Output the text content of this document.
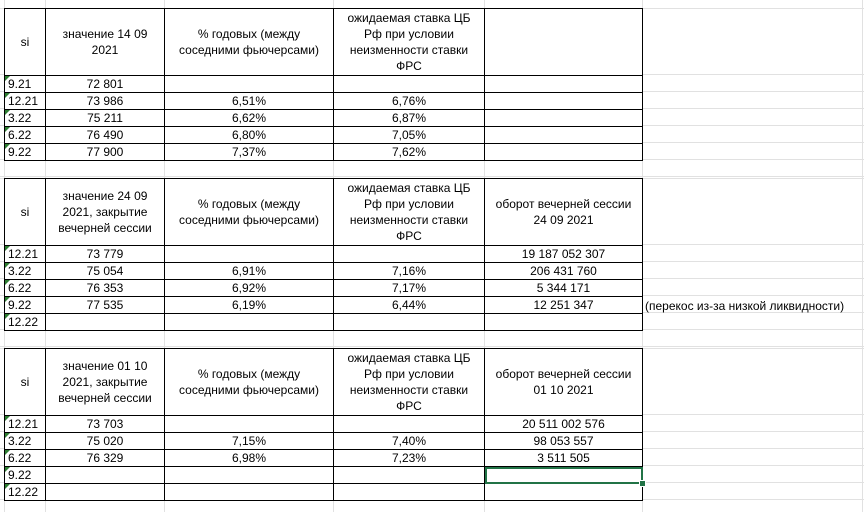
si	значение 14 09 2021	% годовых (между соседними фьючерсами)	ожидаемая ставка ЦБ Рф при условии неизменности ставки ФРС	
9.21	72 801			
12.21	73 986	6,51%	6,76%	
3.22	75 211	6,62%	6,87%	
6.22	76 490	6,80%	7,05%	
9.22	77 900	7,37%	7,62%	
si	значение 24 09 2021, закрытие вечерней сессии	% годовых (между соседними фьючерсами)	ожидаемая ставка ЦБ Рф при условии неизменности ставки ФРС	оборот вечерней сессии 24 09 2021
12.21	73 779			19 187 052 307
3.22	75 054	6,91%	7,16%	206 431 760
6.22	76 353	6,92%	7,17%	5 344 171
9.22	77 535	6,19%	6,44%	12 251 347
12.22				
si	значение 01 10 2021, закрытие вечерней сессии	% годовых (между соседними фьючерсами)	ожидаемая ставка ЦБ Рф при условии неизменности ставки ФРС	оборот вечерней сессии 01 10 2021
12.21	73 703			20 511 002 576
3.22	75 020	7,15%	7,40%	98 053 557
6.22	76 329	6,98%	7,23%	3 511 505
9.22				
12.22				
(перекос из-за низкой ликвидности)
